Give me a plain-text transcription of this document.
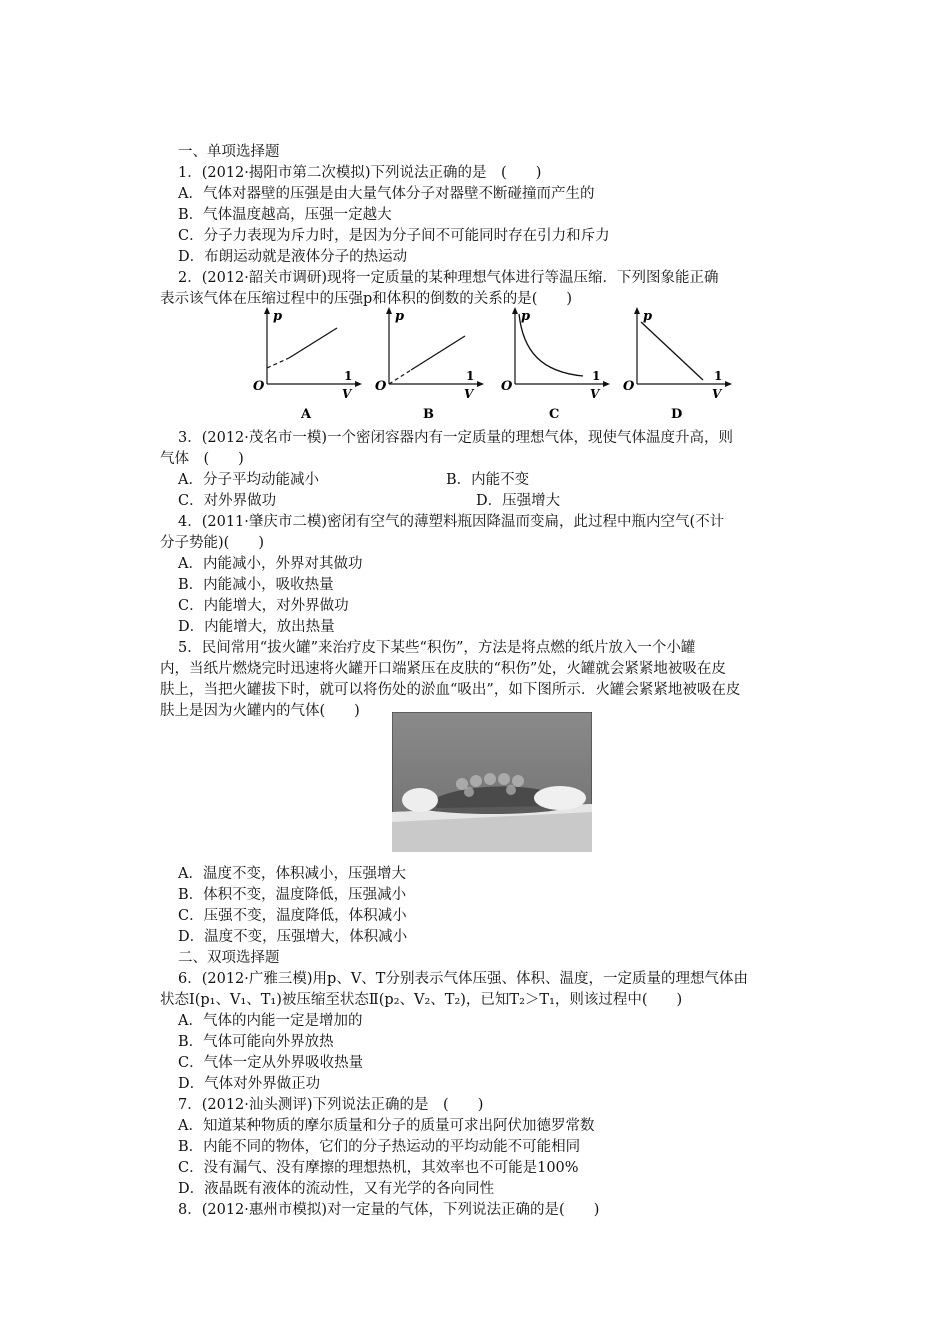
一、单项选择题
1．(2012·揭阳市第二次模拟)下列说法正确的是　(　　)
A．气体对器壁的压强是由大量气体分子对器壁不断碰撞而产生的
B．气体温度越高，压强一定越大
C．分子力表现为斥力时，是因为分子间不可能同时存在引力和斥力
D．布朗运动就是液体分子的热运动
2．(2012·韶关市调研)现将一定质量的某种理想气体进行等温压缩．下列图象能正确
表示该气体在压缩过程中的压强p和体积的倒数的关系的是(　　)
p
O
1
V
A
p
O
1
V
B
p
O
1
V
C
p
O
1
V
D
3．(2012·茂名市一模)一个密闭容器内有一定质量的理想气体，现使气体温度升高，则
气体　(　　)
A．分子平均动能减小	B．内能不变
C．对外界做功	D．压强增大
4．(2011·肇庆市二模)密闭有空气的薄塑料瓶因降温而变扁，此过程中瓶内空气(不计
分子势能)(　　)
A．内能减小，外界对其做功
B．内能减小，吸收热量
C．内能增大，对外界做功
D．内能增大，放出热量
5．民间常用“拔火罐”来治疗皮下某些“积伤”，方法是将点燃的纸片放入一个小罐
内，当纸片燃烧完时迅速将火罐开口端紧压在皮肤的“积伤”处，火罐就会紧紧地被吸在皮
肤上，当把火罐拔下时，就可以将伤处的淤血“吸出”，如下图所示．火罐会紧紧地被吸在皮
肤上是因为火罐内的气体(　　)
A．温度不变，体积减小，压强增大
B．体积不变，温度降低，压强减小
C．压强不变，温度降低，体积减小
D．温度不变，压强增大，体积减小
二、双项选择题
6．(2012·广雅三模)用p、V、T分别表示气体压强、体积、温度，一定质量的理想气体由
状态Ⅰ(p₁、V₁、T₁)被压缩至状态Ⅱ(p₂、V₂、T₂)，已知T₂＞T₁，则该过程中(　　)
A．气体的内能一定是增加的
B．气体可能向外界放热
C．气体一定从外界吸收热量
D．气体对外界做正功
7．(2012·汕头测评)下列说法正确的是　(　　)
A．知道某种物质的摩尔质量和分子的质量可求出阿伏加德罗常数
B．内能不同的物体，它们的分子热运动的平均动能不可能相同
C．没有漏气、没有摩擦的理想热机，其效率也不可能是100%
D．液晶既有液体的流动性，又有光学的各向同性
8．(2012·惠州市模拟)对一定量的气体，下列说法正确的是(　　)
